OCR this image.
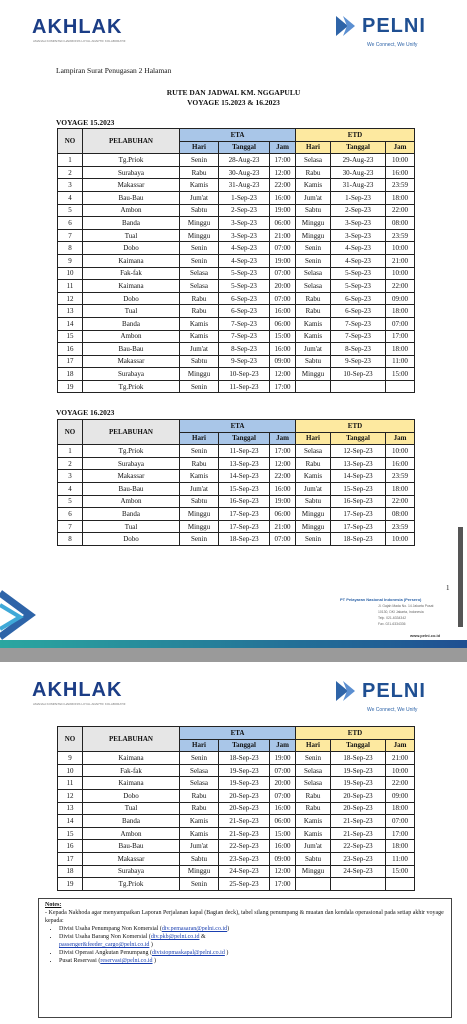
AKHLAK
AMANAH KOMPETEN HARMONIS LOYAL ADAPTIF KOLABORATIF
PELNI
We Connect, We Unify
Lampiran Surat Penugasan 2 Halaman
RUTE DAN JADWAL KM. NGGAPULU
VOYAGE 15.2023 & 16.2023
VOYAGE 15.2023
NO	PELABUHAN	ETA			ETD		
		Hari	Tanggal	Jam	Hari	Tanggal	Jam
1	Tg.Priok	Senin	28-Aug-23	17:00	Selasa	29-Aug-23	10:00
2	Surabaya	Rabu	30-Aug-23	12:00	Rabu	30-Aug-23	16:00
3	Makassar	Kamis	31-Aug-23	22:00	Kamis	31-Aug-23	23:59
4	Bau-Bau	Jum'at	1-Sep-23	16:00	Jum'at	1-Sep-23	18:00
5	Ambon	Sabtu	2-Sep-23	19:00	Sabtu	2-Sep-23	22:00
6	Banda	Minggu	3-Sep-23	06:00	Minggu	3-Sep-23	08:00
7	Tual	Minggu	3-Sep-23	21:00	Minggu	3-Sep-23	23:59
8	Dobo	Senin	4-Sep-23	07:00	Senin	4-Sep-23	10:00
9	Kaimana	Senin	4-Sep-23	19:00	Senin	4-Sep-23	21:00
10	Fak-fak	Selasa	5-Sep-23	07:00	Selasa	5-Sep-23	10:00
11	Kaimana	Selasa	5-Sep-23	20:00	Selasa	5-Sep-23	22:00
12	Dobo	Rabu	6-Sep-23	07:00	Rabu	6-Sep-23	09:00
13	Tual	Rabu	6-Sep-23	16:00	Rabu	6-Sep-23	18:00
14	Banda	Kamis	7-Sep-23	06:00	Kamis	7-Sep-23	07:00
15	Ambon	Kamis	7-Sep-23	15:00	Kamis	7-Sep-23	17:00
16	Bau-Bau	Jum'at	8-Sep-23	16:00	Jum'at	8-Sep-23	18:00
17	Makassar	Sabtu	9-Sep-23	09:00	Sabtu	9-Sep-23	11:00
18	Surabaya	Minggu	10-Sep-23	12:00	Minggu	10-Sep-23	15:00
19	Tg.Priok	Senin	11-Sep-23	17:00			
VOYAGE 16.2023
NO	PELABUHAN	ETA			ETD		
		Hari	Tanggal	Jam	Hari	Tanggal	Jam
1	Tg.Priok	Senin	11-Sep-23	17:00	Selasa	12-Sep-23	10:00
2	Surabaya	Rabu	13-Sep-23	12:00	Rabu	13-Sep-23	16:00
3	Makassar	Kamis	14-Sep-23	22:00	Kamis	14-Sep-23	23:59
4	Bau-Bau	Jum'at	15-Sep-23	16:00	Jum'at	15-Sep-23	18:00
5	Ambon	Sabtu	16-Sep-23	19:00	Sabtu	16-Sep-23	22:00
6	Banda	Minggu	17-Sep-23	06:00	Minggu	17-Sep-23	08:00
7	Tual	Minggu	17-Sep-23	21:00	Minggu	17-Sep-23	23:59
8	Dobo	Senin	18-Sep-23	07:00	Senin	18-Sep-23	10:00
1
PT Pelayaran Nasional Indonesia (Persero)
Jl. Gajah Mada No. 14 Jakarta Pusat
10130, DKI Jakarta, Indonesia
Telp. 021-6334342
Fax. 021-6334336
www.pelni.co.id
AKHLAK
AMANAH KOMPETEN HARMONIS LOYAL ADAPTIF KOLABORATIF
PELNI
We Connect, We Unify
NO	PELABUHAN	ETA			ETD		
		Hari	Tanggal	Jam	Hari	Tanggal	Jam
9	Kaimana	Senin	18-Sep-23	19:00	Senin	18-Sep-23	21:00
10	Fak-fak	Selasa	19-Sep-23	07:00	Selasa	19-Sep-23	10:00
11	Kaimana	Selasa	19-Sep-23	20:00	Selasa	19-Sep-23	22:00
12	Dobo	Rabu	20-Sep-23	07:00	Rabu	20-Sep-23	09:00
13	Tual	Rabu	20-Sep-23	16:00	Rabu	20-Sep-23	18:00
14	Banda	Kamis	21-Sep-23	06:00	Kamis	21-Sep-23	07:00
15	Ambon	Kamis	21-Sep-23	15:00	Kamis	21-Sep-23	17:00
16	Bau-Bau	Jum'at	22-Sep-23	16:00	Jum'at	22-Sep-23	18:00
17	Makassar	Sabtu	23-Sep-23	09:00	Sabtu	23-Sep-23	11:00
18	Surabaya	Minggu	24-Sep-23	12:00	Minggu	24-Sep-23	15:00
19	Tg.Priok	Senin	25-Sep-23	17:00			
Notes:
- Kepada Nakhoda agar menyampaikan Laporan Perjalanan kapal (Bagian deck), tabel silang penumpang & muatan dan kendala operasional pada setiap akhir voyage kepada:
• Divisi Usaha Penumpang Non Komersial (div.pemasaran@pelni.co.id)
• Divisi Usaha Barang Non Komersial (div.pkb@pelni.co.id &
passenger&feeder_cargo@pelni.co.id )
• Divisi Operasi Angkutan Penumpang (divisiopmaskapal@pelni.co.id )
• Pusat Reservasi (reservasi@pelni.co.id )
